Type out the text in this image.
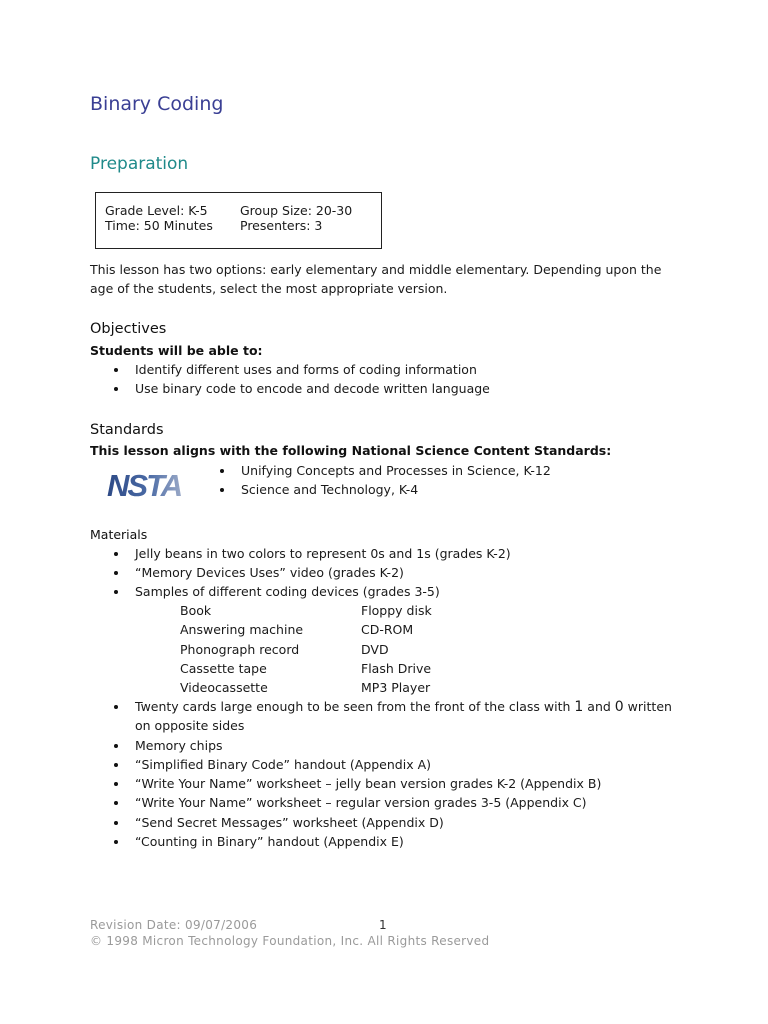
Binary Coding
Preparation
Grade Level: K-5
Time: 50 Minutes
Group Size: 20-30
Presenters: 3
This lesson has two options: early elementary and middle elementary. Depending upon the
age of the students, select the most appropriate version.
Objectives
Students will be able to:
Identify different uses and forms of coding information
Use binary code to encode and decode written language
Standards
This lesson aligns with the following National Science Content Standards:
NSTA	Unifying Concepts and Processes in Science, K-12
Science and Technology, K-4
Materials
Jelly beans in two colors to represent 0s and 1s (grades K-2)
“Memory Devices Uses” video (grades K-2)
Samples of different coding devices (grades 3-5)
Book
Answering machine
Phonograph record
Cassette tape
Videocassette
Floppy disk
CD-ROM
DVD
Flash Drive
MP3 Player
Twenty cards large enough to be seen from the front of the class with 1 and 0 written
on opposite sides
Memory chips
“Simplified Binary Code” handout (Appendix A)
“Write Your Name” worksheet – jelly bean version grades K-2 (Appendix B)
“Write Your Name” worksheet – regular version grades 3-5 (Appendix C)
“Send Secret Messages” worksheet (Appendix D)
“Counting in Binary” handout (Appendix E)
Revision Date: 09/07/2006	1
© 1998 Micron Technology Foundation, Inc. All Rights Reserved
